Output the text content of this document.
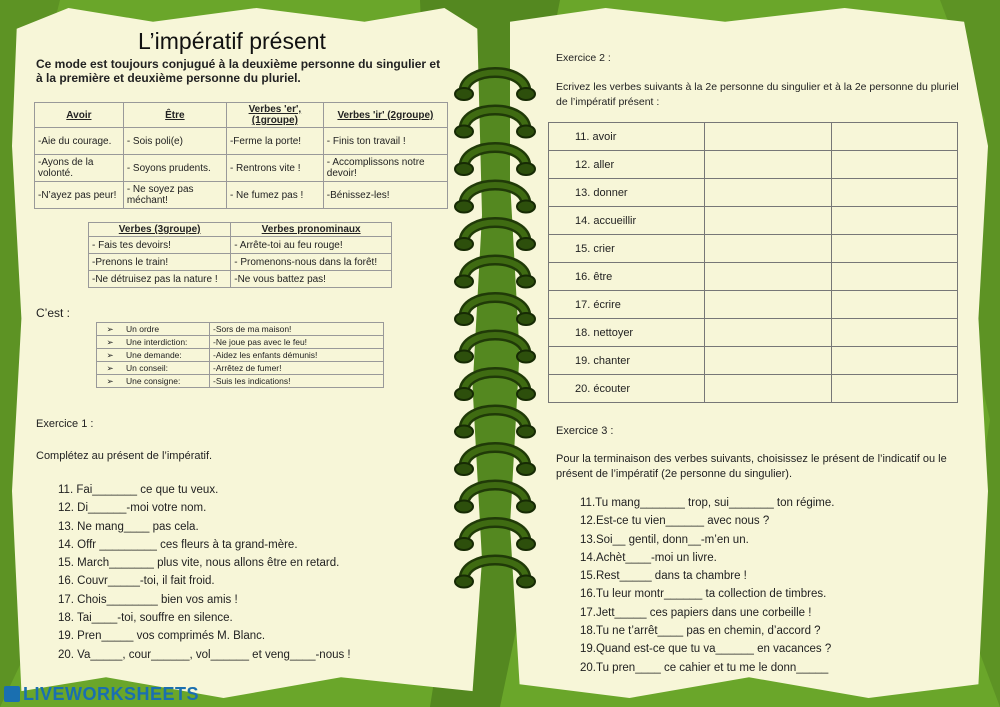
L’impératif présent
Ce mode est toujours conjugué à la deuxième personne du singulier et à la première et deuxième personne du pluriel.
Avoir	Être	Verbes 'er', (1groupe)	Verbes 'ir' (2groupe)
-Aie du courage.	- Sois poli(e)	-Ferme la porte!	- Finis ton travail !
-Ayons de la volonté.	- Soyons prudents.	- Rentrons vite !	- Accomplissons notre devoir!
-N’ayez pas peur!	- Ne soyez pas méchant!	- Ne fumez pas !	-Bénissez-les!
Verbes (3groupe)	Verbes pronominaux
- Fais tes devoirs!	- Arrête-toi au feu rouge!
-Prenons le train!	- Promenons-nous dans la forêt!
-Ne détruisez pas la nature !	-Ne vous battez pas!
C’est :
➢	Un ordre	-Sors de ma maison!
➢	Une interdiction:	-Ne joue pas avec le feu!
➢	Une demande:	-Aidez les enfants démunis!
➢	Un conseil:	-Arrêtez de fumer!
➢	Une consigne:	-Suis les indications!
Exercice 1 :
Complétez au présent de l’impératif.
11. Fai_______ ce que tu veux.
12. Di______-moi votre nom.
13. Ne mang____ pas cela.
14. Offr _________ ces fleurs à ta grand-mère.
15. March_______ plus vite, nous allons être en retard.
16. Couvr_____-toi, il fait froid.
17. Chois________ bien vos amis !
18. Tai____-toi, souffre en silence.
19. Pren_____ vos comprimés M. Blanc.
20. Va_____, cour______, vol______ et veng____-nous !
Exercice 2 :
Ecrivez les verbes suivants à la 2e personne du singulier et à la 2e personne du pluriel de l’impératif présent :
11. avoir		
12. aller		
13. donner		
14. accueillir		
15. crier		
16. être		
17. écrire		
18. nettoyer		
19. chanter		
20. écouter		
Exercice 3 :
Pour la terminaison des verbes suivants, choisissez le présent de l’indicatif ou le présent de l’impératif (2e personne du singulier).
11.Tu mang_______ trop, sui_______ ton régime.
12.Est-ce tu vien______ avec nous ?
13.Soi__ gentil, donn__-m’en un.
14.Achèt____-moi un livre.
15.Rest_____ dans ta chambre !
16.Tu leur montr______ ta collection de timbres.
17.Jett_____ ces papiers dans une corbeille !
18.Tu ne t’arrêt____ pas en chemin, d’accord ?
19.Quand est-ce que tu va______ en vacances ?
20.Tu pren____ ce cahier et tu me le donn_____
LIVEWORKSHEETS
